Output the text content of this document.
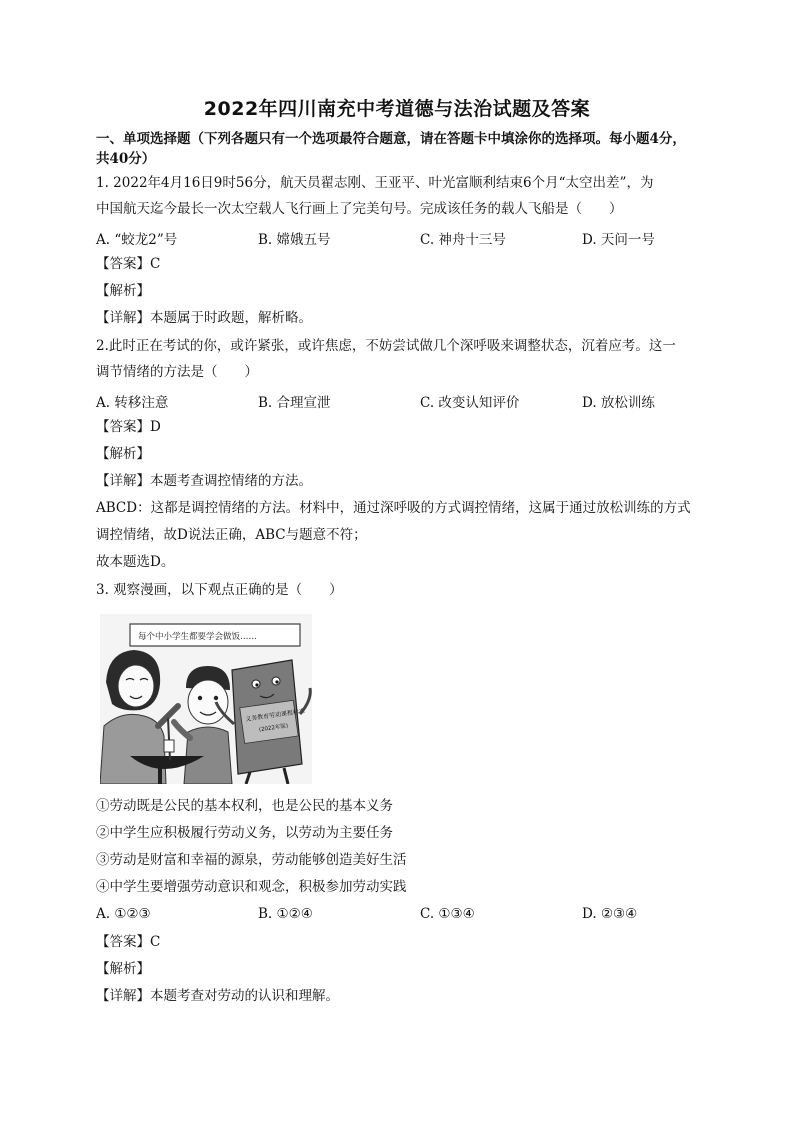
2022年四川南充中考道德与法治试题及答案
一、单项选择题（下列各题只有一个选项最符合题意，请在答题卡中填涂你的选择项。每小题4分，
共40分）
1. 2022年4月16日9时56分，航天员翟志刚、王亚平、叶光富顺利结束6个月“太空出差”，为
中国航天迄今最长一次太空载人飞行画上了完美句号。完成该任务的载人飞船是（　　）
A. “蛟龙2”号	B. 嫦娥五号	C. 神舟十三号	D. 天问一号
【答案】C
【解析】
【详解】本题属于时政题，解析略。
2.此时正在考试的你，或许紧张，或许焦虑，不妨尝试做几个深呼吸来调整状态，沉着应考。这一
调节情绪的方法是（　　）
A. 转移注意	B. 合理宣泄	C. 改变认知评价	D. 放松训练
【答案】D
【解析】
【详解】本题考查调控情绪的方法。
ABCD：这都是调控情绪的方法。材料中，通过深呼吸的方式调控情绪，这属于通过放松训练的方式
调控情绪，故D说法正确，ABC与题意不符；
故本题选D。
3. 观察漫画，以下观点正确的是（　　）
每个中小学生都要学会做饭……
义务教育劳动课程标准
(2022年版)
①劳动既是公民的基本权利，也是公民的基本义务
②中学生应积极履行劳动义务，以劳动为主要任务
③劳动是财富和幸福的源泉，劳动能够创造美好生活
④中学生要增强劳动意识和观念，积极参加劳动实践
A. ①②③	B. ①②④	C. ①③④	D. ②③④
【答案】C
【解析】
【详解】本题考查对劳动的认识和理解。
